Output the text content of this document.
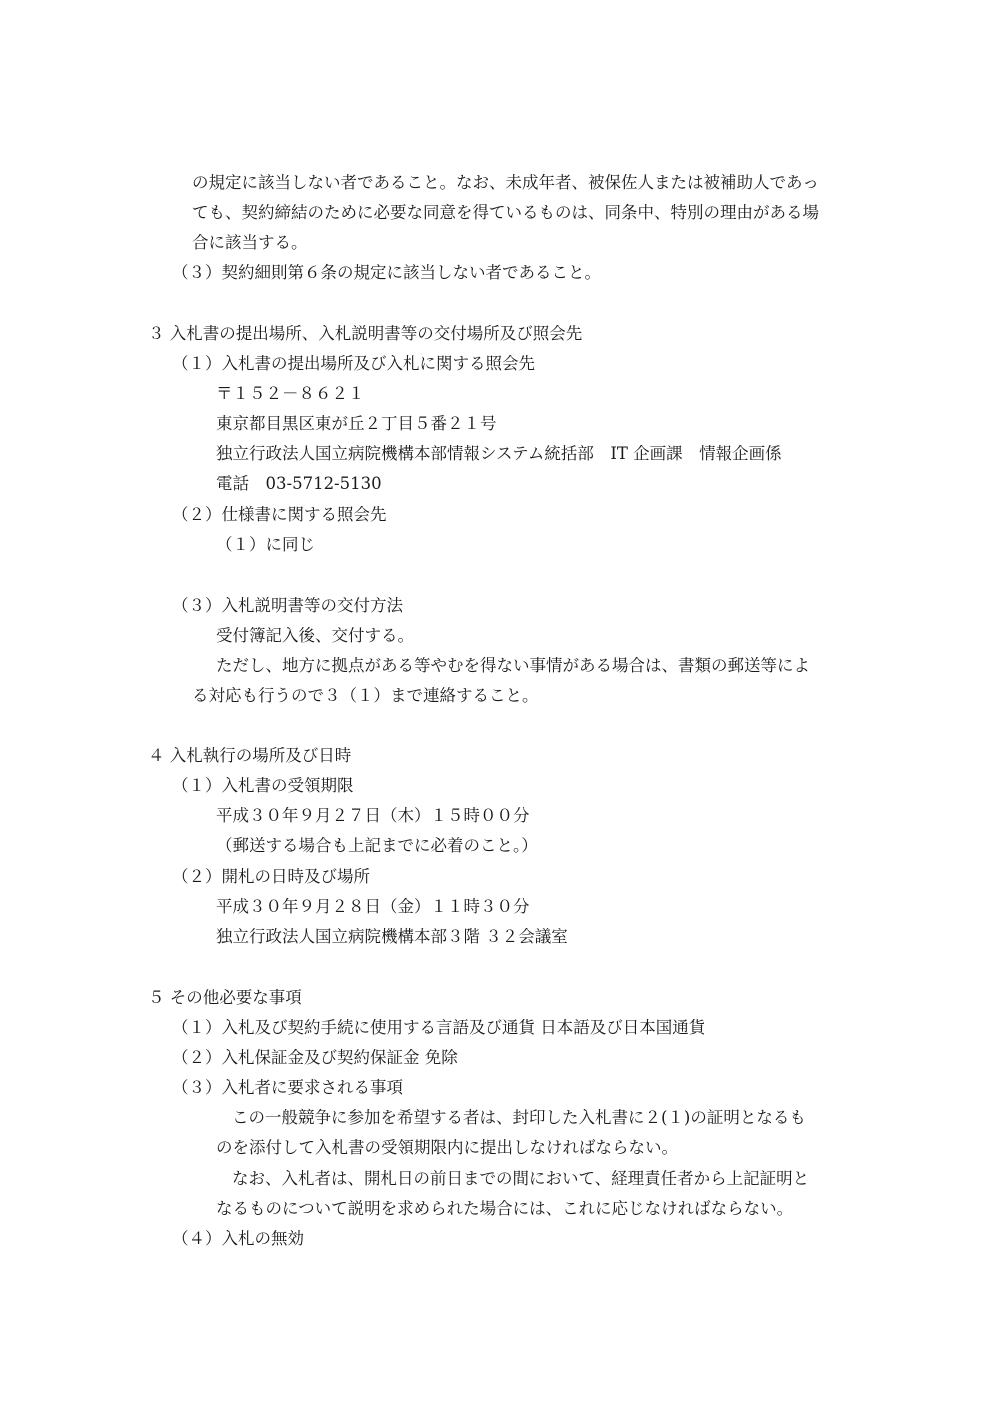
の規定に該当しない者であること。なお、未成年者、被保佐人または被補助人であっ
ても、契約締結のために必要な同意を得ているものは、同条中、特別の理由がある場
合に該当する。
（３）契約細則第６条の規定に該当しない者であること。
３ 入札書の提出場所、入札説明書等の交付場所及び照会先
（１）入札書の提出場所及び入札に関する照会先
〒１５２－８６２１
東京都目黒区東が丘２丁目５番２１号
独立行政法人国立病院機構本部情報システム統括部　IT 企画課　情報企画係
電話　03-5712-5130
（２）仕様書に関する照会先
（１）に同じ
（３）入札説明書等の交付方法
受付簿記入後、交付する。
ただし、地方に拠点がある等やむを得ない事情がある場合は、書類の郵送等によ
る対応も行うので３（１）まで連絡すること。
４ 入札執行の場所及び日時
（１）入札書の受領期限
平成３０年９月２７日（木）１５時００分
（郵送する場合も上記までに必着のこと。）
（２）開札の日時及び場所
平成３０年９月２８日（金）１１時３０分
独立行政法人国立病院機構本部３階 ３２会議室
５ その他必要な事項
（１）入札及び契約手続に使用する言語及び通貨 日本語及び日本国通貨
（２）入札保証金及び契約保証金 免除
（３）入札者に要求される事項
この一般競争に参加を希望する者は、封印した入札書に２(１)の証明となるも
のを添付して入札書の受領期限内に提出しなければならない。
なお、入札者は、開札日の前日までの間において、経理責任者から上記証明と
なるものについて説明を求められた場合には、これに応じなければならない。
（４）入札の無効
